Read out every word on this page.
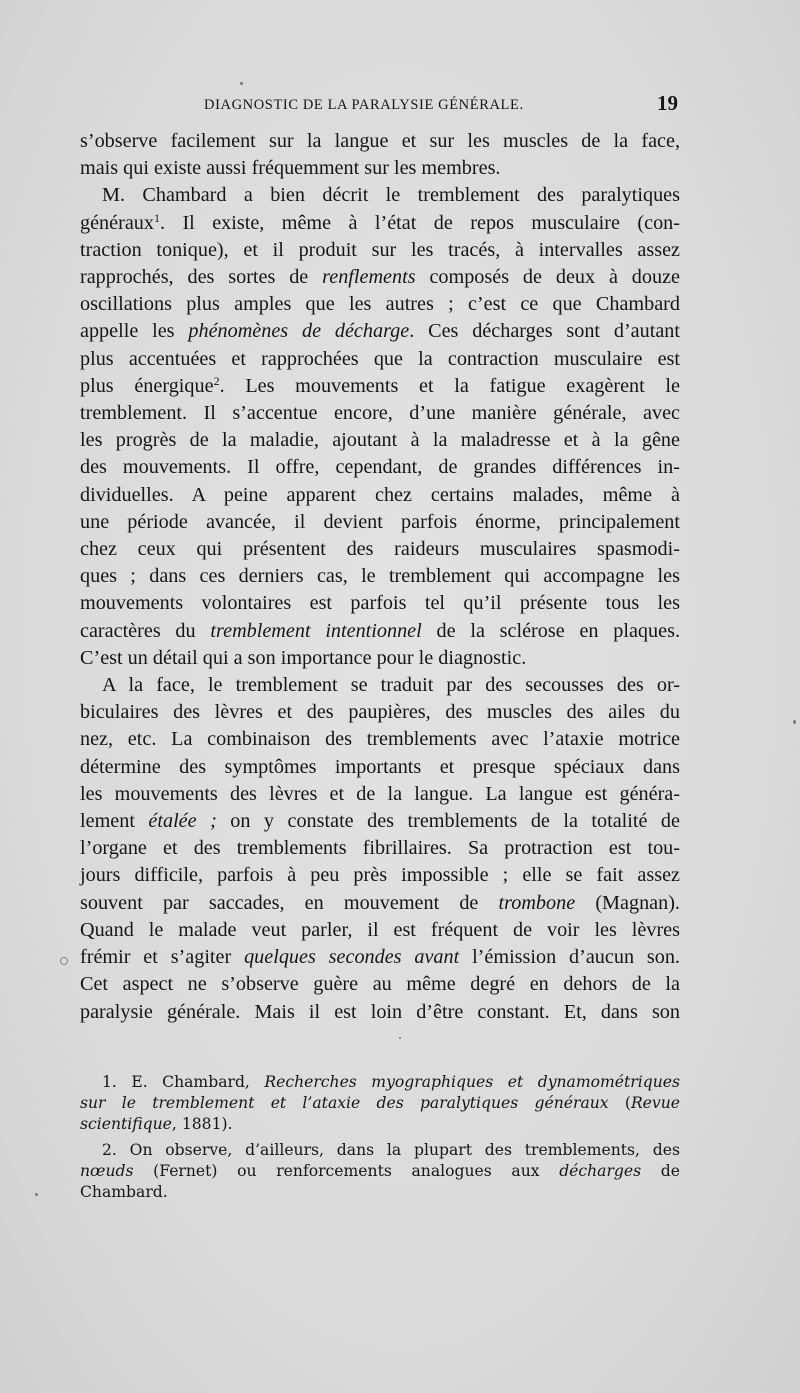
DIAGNOSTIC DE LA PARALYSIE GÉNÉRALE.	19
s’observe facilement sur la langue et sur les muscles de la face,
mais qui existe aussi fréquemment sur les membres.
M. Chambard a bien décrit le tremblement des paralytiques
généraux$^1$. Il existe, même à l’état de repos musculaire (con-
traction tonique), et il produit sur les tracés, à intervalles assez
rapprochés, des sortes de renflements composés de deux à douze
oscillations plus amples que les autres ; c’est ce que Chambard
appelle les phénomènes de décharge. Ces décharges sont d’autant
plus accentuées et rapprochées que la contraction musculaire est
plus énergique$^2$. Les mouvements et la fatigue exagèrent le
tremblement. Il s’accentue encore, d’une manière générale, avec
les progrès de la maladie, ajoutant à la maladresse et à la gêne
des mouvements. Il offre, cependant, de grandes différences in-
dividuelles. A peine apparent chez certains malades, même à
une période avancée, il devient parfois énorme, principalement
chez ceux qui présentent des raideurs musculaires spasmodi-
ques ; dans ces derniers cas, le tremblement qui accompagne les
mouvements volontaires est parfois tel qu’il présente tous les
caractères du tremblement intentionnel de la sclérose en plaques.
C’est un détail qui a son importance pour le diagnostic.
A la face, le tremblement se traduit par des secousses des or-
biculaires des lèvres et des paupières, des muscles des ailes du
nez, etc. La combinaison des tremblements avec l’ataxie motrice
détermine des symptômes importants et presque spéciaux dans
les mouvements des lèvres et de la langue. La langue est généra-
lement étalée ; on y constate des tremblements de la totalité de
l’organe et des tremblements fibrillaires. Sa protraction est tou-
jours difficile, parfois à peu près impossible ; elle se fait assez
souvent par saccades, en mouvement de trombone (Magnan).
Quand le malade veut parler, il est fréquent de voir les lèvres
frémir et s’agiter quelques secondes avant l’émission d’aucun son.
Cet aspect ne s’observe guère au même degré en dehors de la
paralysie générale. Mais il est loin d’être constant. Et, dans son
1. E. Chambard, Recherches myographiques et dynamométriques
sur le tremblement et l’ataxie des paralytiques généraux (Revue
scientifique, 1881).
2. On observe, d’ailleurs, dans la plupart des tremblements, des
nœuds (Fernet) ou renforcements analogues aux décharges de
Chambard.
